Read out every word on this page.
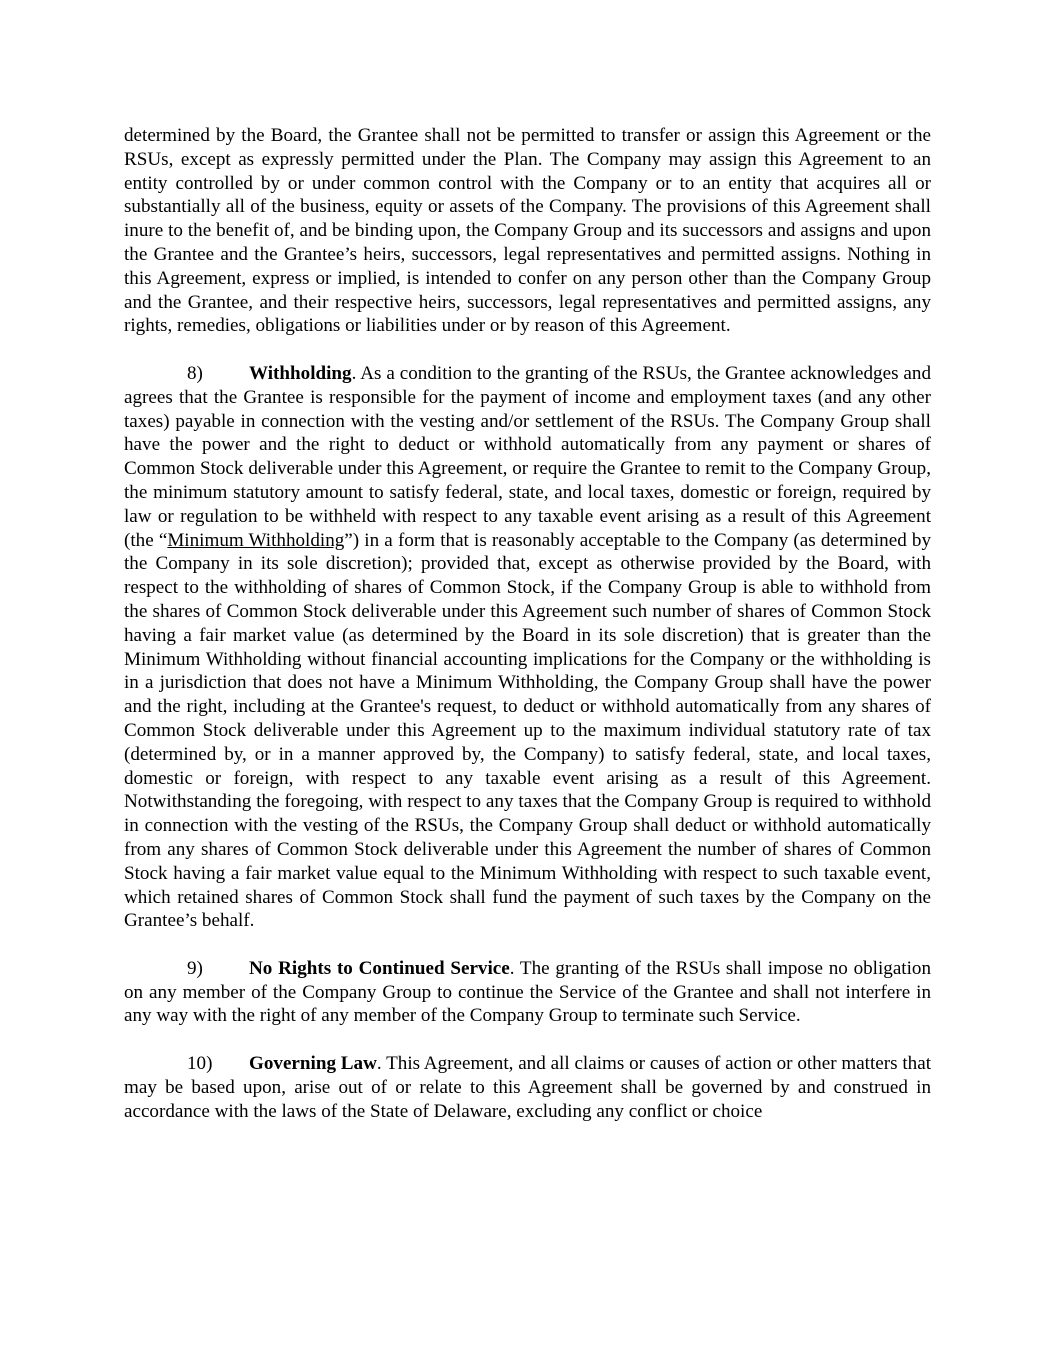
determined by the Board, the Grantee shall not be permitted to transfer or assign this Agreement or the RSUs, except as expressly permitted under the Plan. The Company may assign this Agreement to an entity controlled by or under common control with the Company or to an entity that acquires all or substantially all of the business, equity or assets of the Company. The provisions of this Agreement shall inure to the benefit of, and be binding upon, the Company Group and its successors and assigns and upon the Grantee and the Grantee’s heirs, successors, legal representatives and permitted assigns. Nothing in this Agreement, express or implied, is intended to confer on any person other than the Company Group and the Grantee, and their respective heirs, successors, legal representatives and permitted assigns, any rights, remedies, obligations or liabilities under or by reason of this Agreement.

8) Withholding. As a condition to the granting of the RSUs, the Grantee acknowledges and agrees that the Grantee is responsible for the payment of income and employment taxes (and any other taxes) payable in connection with the vesting and/or settlement of the RSUs. The Company Group shall have the power and the right to deduct or withhold automatically from any payment or shares of Common Stock deliverable under this Agreement, or require the Grantee to remit to the Company Group, the minimum statutory amount to satisfy federal, state, and local taxes, domestic or foreign, required by law or regulation to be withheld with respect to any taxable event arising as a result of this Agreement (the “Minimum Withholding”) in a form that is reasonably acceptable to the Company (as determined by the Company in its sole discretion); provided that, except as otherwise provided by the Board, with respect to the withholding of shares of Common Stock, if the Company Group is able to withhold from the shares of Common Stock deliverable under this Agreement such number of shares of Common Stock having a fair market value (as determined by the Board in its sole discretion) that is greater than the Minimum Withholding without financial accounting implications for the Company or the withholding is in a jurisdiction that does not have a Minimum Withholding, the Company Group shall have the power and the right, including at the Grantee's request, to deduct or withhold automatically from any shares of Common Stock deliverable under this Agreement up to the maximum individual statutory rate of tax (determined by, or in a manner approved by, the Company) to satisfy federal, state, and local taxes, domestic or foreign, with respect to any taxable event arising as a result of this Agreement. Notwithstanding the foregoing, with respect to any taxes that the Company Group is required to withhold in connection with the vesting of the RSUs, the Company Group shall deduct or withhold automatically from any shares of Common Stock deliverable under this Agreement the number of shares of Common Stock having a fair market value equal to the Minimum Withholding with respect to such taxable event, which retained shares of Common Stock shall fund the payment of such taxes by the Company on the Grantee’s behalf.

9) No Rights to Continued Service. The granting of the RSUs shall impose no obligation on any member of the Company Group to continue the Service of the Grantee and shall not interfere in any way with the right of any member of the Company Group to terminate such Service.

10) Governing Law. This Agreement, and all claims or causes of action or other matters that may be based upon, arise out of or relate to this Agreement shall be governed by and construed in accordance with the laws of the State of Delaware, excluding any conflict or choice
